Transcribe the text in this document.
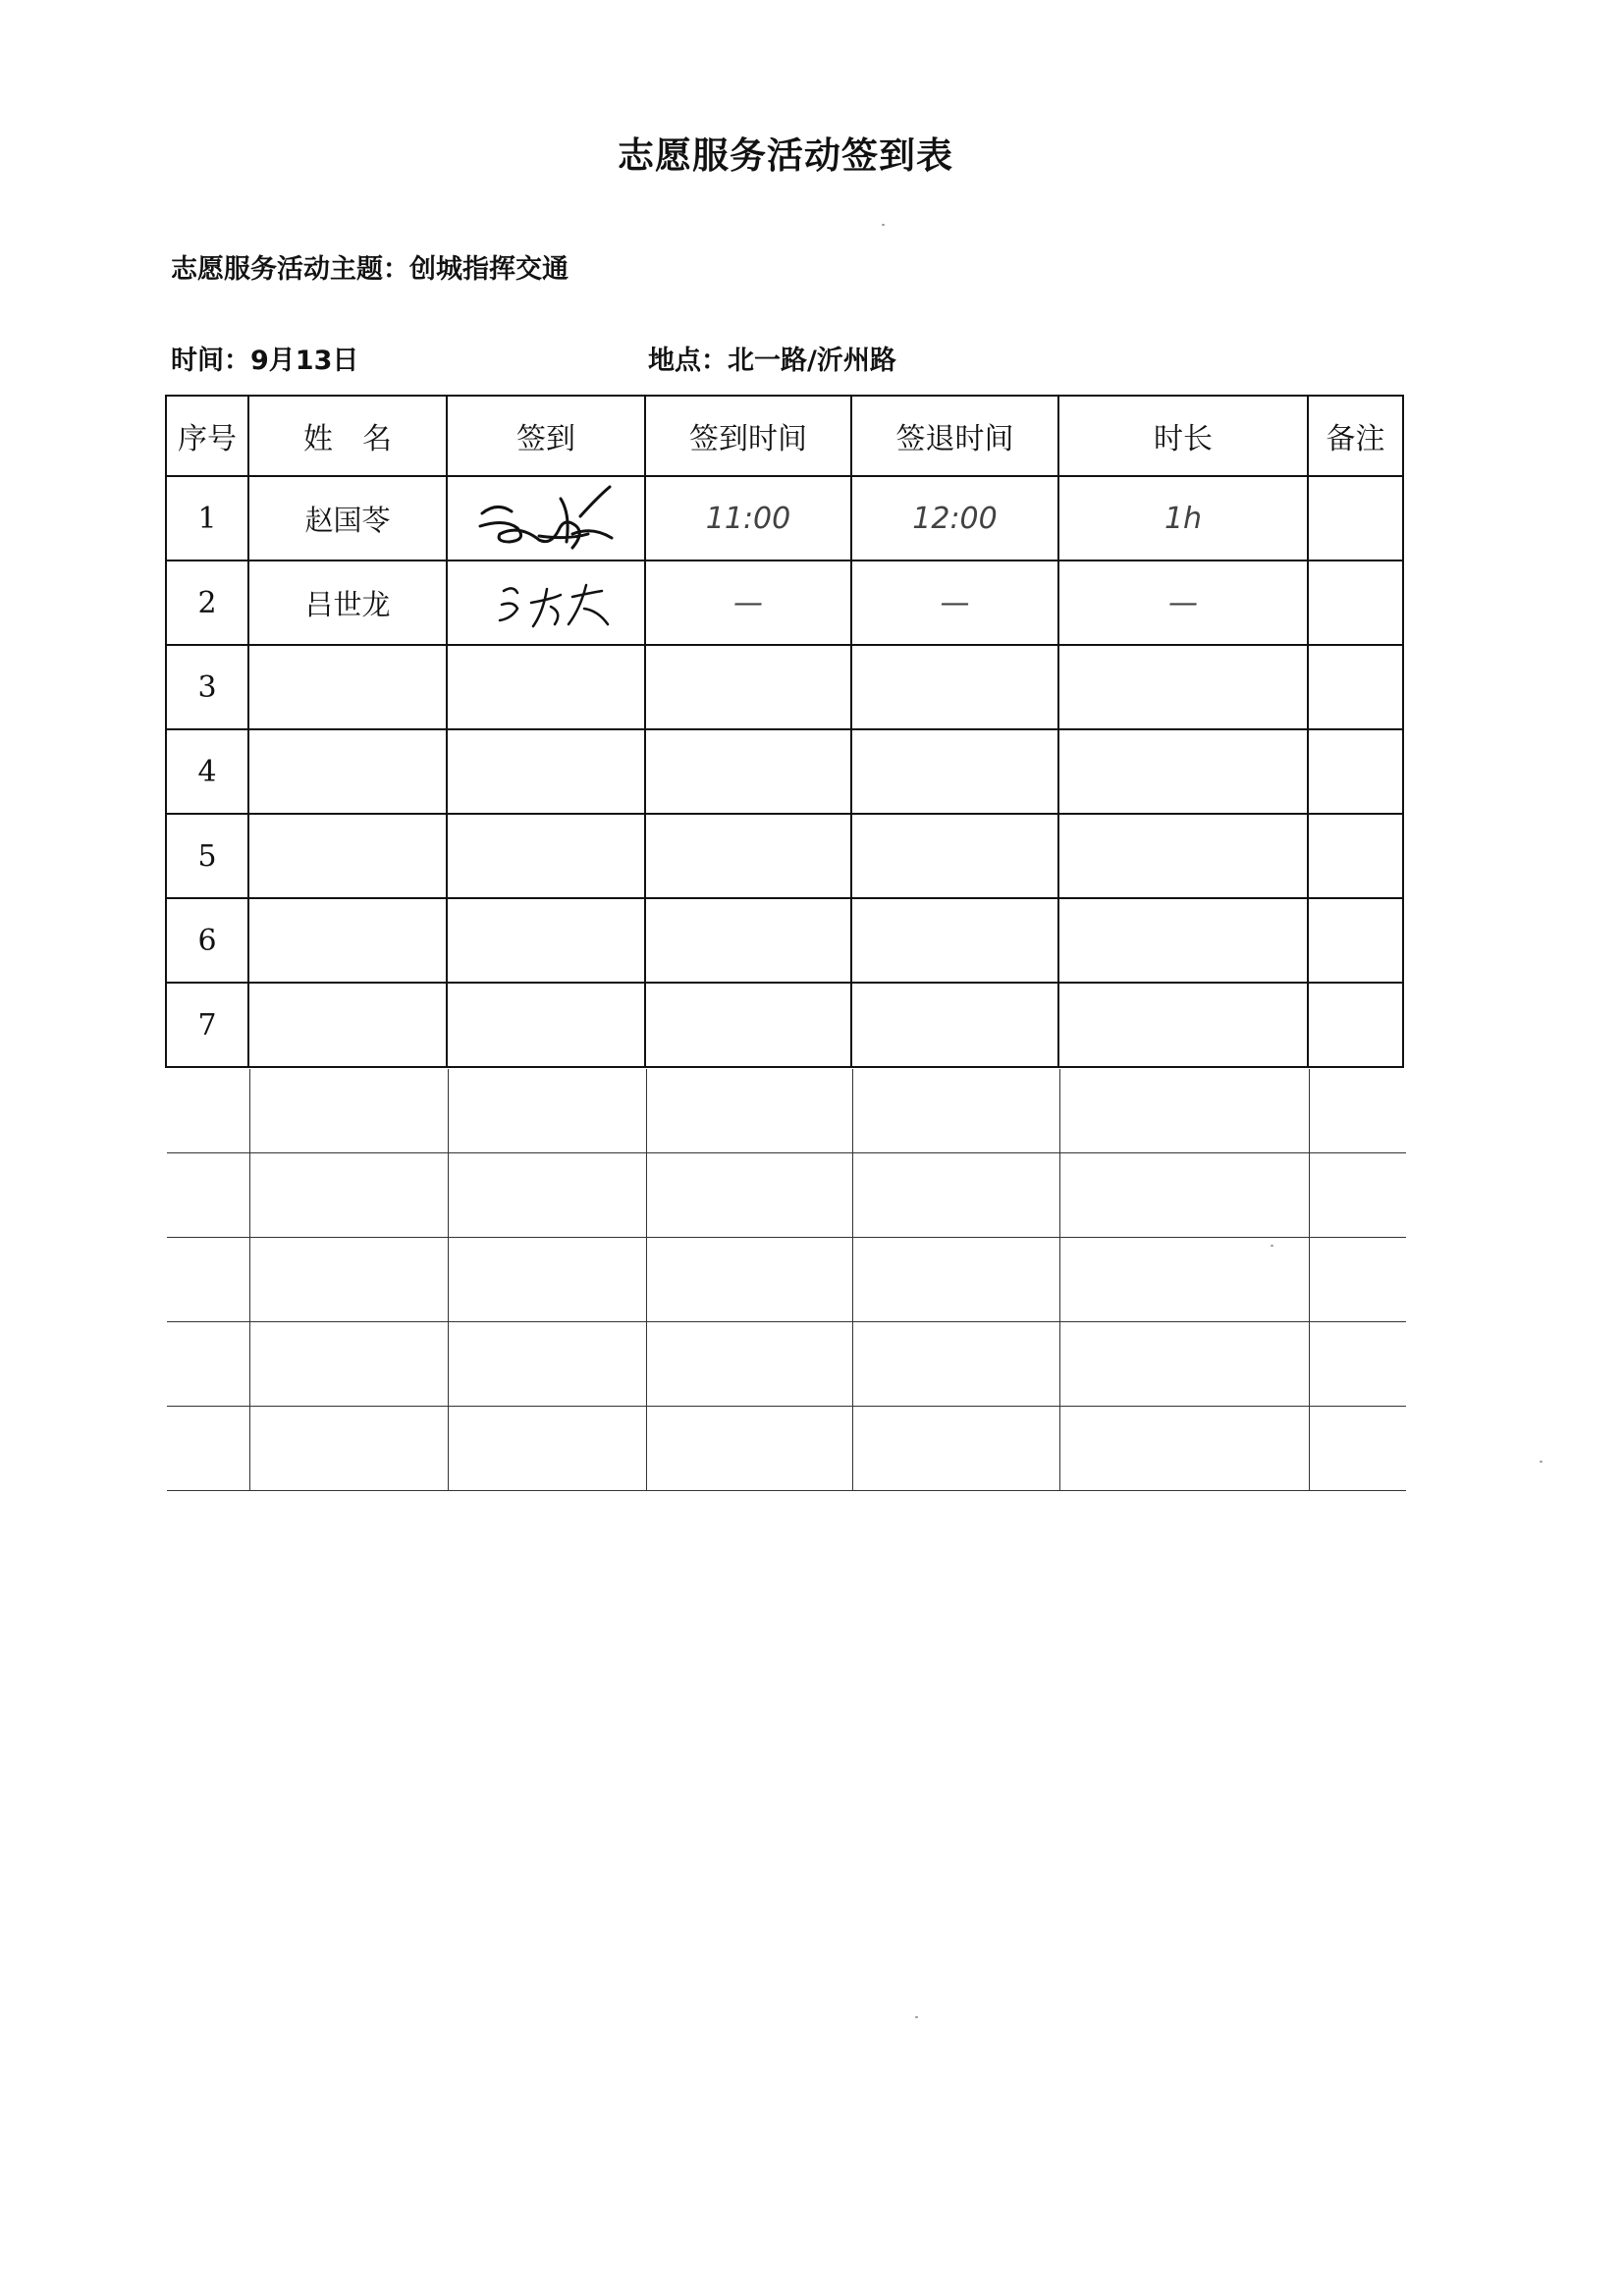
志愿服务活动签到表
志愿服务活动主题：创城指挥交通
时间：9月13日	地点：北一路/沂州路
序号	姓　名	签到	签到时间	签退时间	时长	备注
1	赵国苓		11:00	12:00	1h	
2	吕世龙		—	—	—	
3						
4						
5						
6						
7						
